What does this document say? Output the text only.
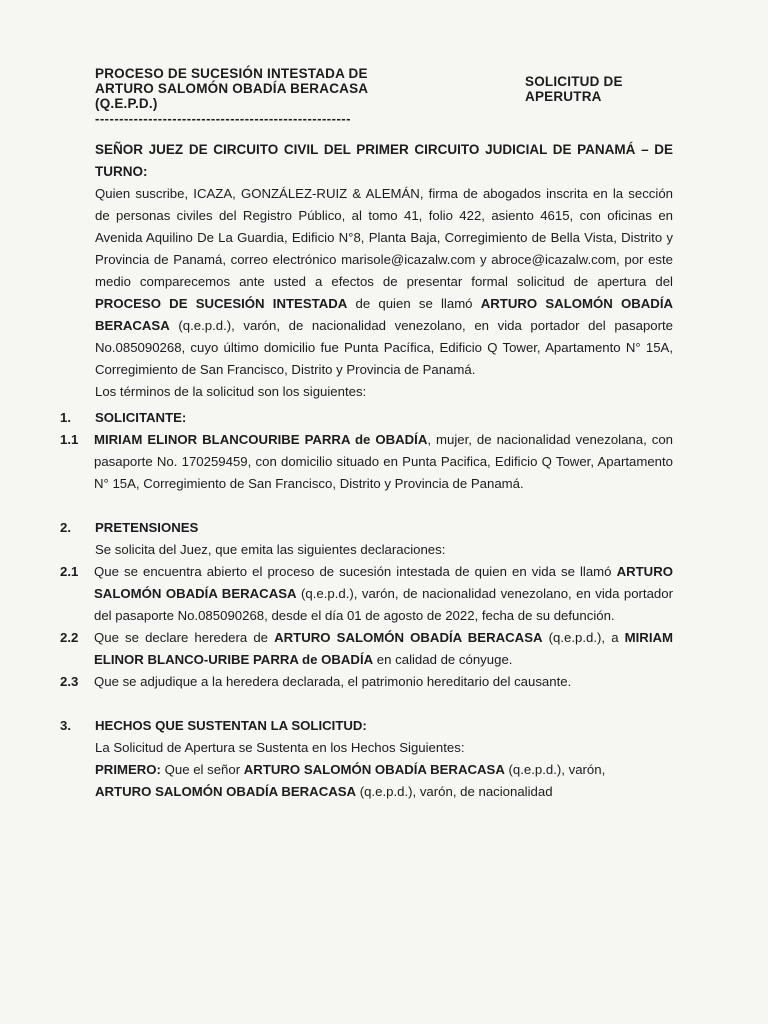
PROCESO DE SUCESIÓN INTESTADA DE
ARTURO SALOMÓN OBADÍA BERACASA
(Q.E.P.D.)
-----------------------------------------------------
SOLICITUD DE
APERUTRA
SEÑOR JUEZ DE CIRCUITO CIVIL DEL PRIMER CIRCUITO JUDICIAL DE PANAMÁ – DE TURNO:
Quien suscribe, ICAZA, GONZÁLEZ-RUIZ & ALEMÁN, firma de abogados inscrita en la sección de personas civiles del Registro Público, al tomo 41, folio 422, asiento 4615, con oficinas en Avenida Aquilino De La Guardia, Edificio N°8, Planta Baja, Corregimiento de Bella Vista, Distrito y Provincia de Panamá, correo electrónico marisole@icazalw.com y abroce@icazalw.com, por este medio comparecemos ante usted a efectos de presentar formal solicitud de apertura del PROCESO DE SUCESIÓN INTESTADA de quien se llamó ARTURO SALOMÓN OBADÍA BERACASA (q.e.p.d.), varón, de nacionalidad venezolano, en vida portador del pasaporte No.085090268, cuyo último domicilio fue Punta Pacífica, Edificio Q Tower, Apartamento N° 15A, Corregimiento de San Francisco, Distrito y Provincia de Panamá.
Los términos de la solicitud son los siguientes:
1.	SOLICITANTE:
1.1	MIRIAM ELINOR BLANCOURIBE PARRA de OBADÍA, mujer, de nacionalidad venezolana, con pasaporte No. 170259459, con domicilio situado en Punta Pacifica, Edificio Q Tower, Apartamento N° 15A, Corregimiento de San Francisco, Distrito y Provincia de Panamá.
2.	PRETENSIONES
Se solicita del Juez, que emita las siguientes declaraciones:
2.1	Que se encuentra abierto el proceso de sucesión intestada de quien en vida se llamó ARTURO SALOMÓN OBADÍA BERACASA (q.e.p.d.), varón, de nacionalidad venezolano, en vida portador del pasaporte No.085090268, desde el día 01 de agosto de 2022, fecha de su defunción.
2.2	Que se declare heredera de ARTURO SALOMÓN OBADÍA BERACASA (q.e.p.d.), a MIRIAM ELINOR BLANCO-URIBE PARRA de OBADÍA en calidad de cónyuge.
2.3	Que se adjudique a la heredera declarada, el patrimonio hereditario del causante.
3.	HECHOS QUE SUSTENTAN LA SOLICITUD:
La Solicitud de Apertura se Sustenta en los Hechos Siguientes:
PRIMERO: Que el señor ARTURO SALOMÓN OBADÍA BERACASA (q.e.p.d.), varón,
ARTURO SALOMÓN OBADÍA BERACASA (q.e.p.d.), varón, de nacionalidad
